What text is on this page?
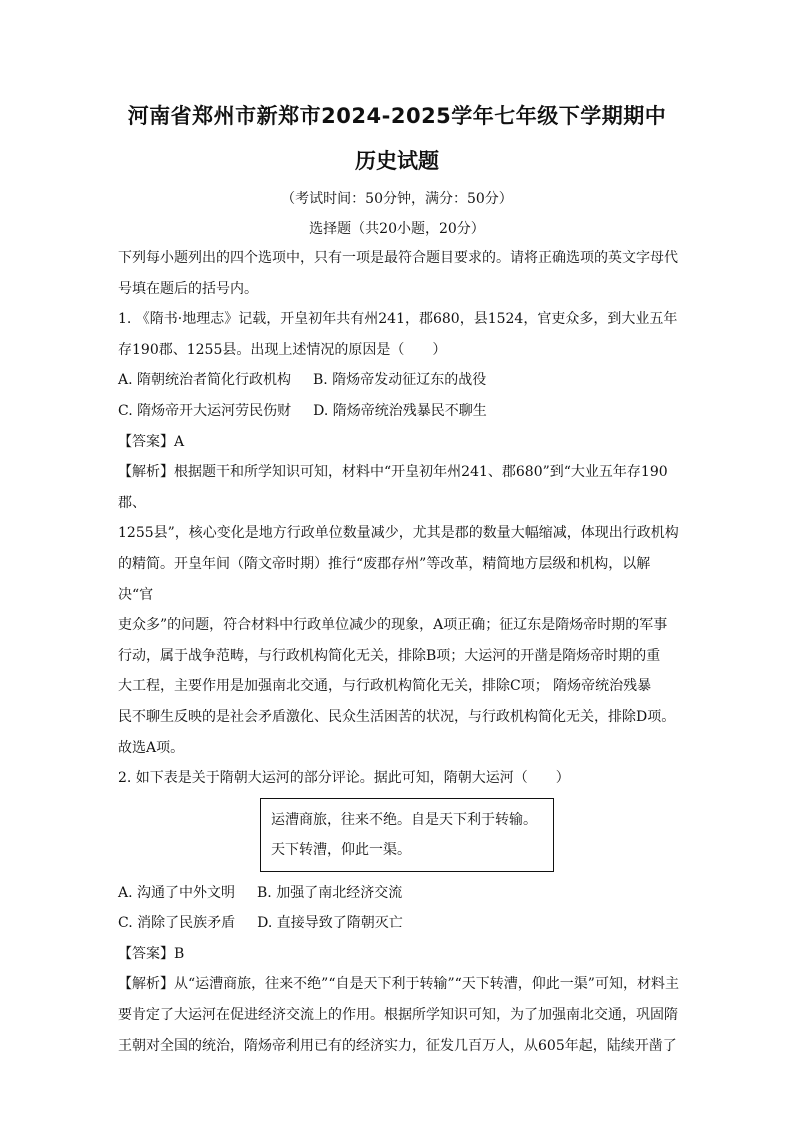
河南省郑州市新郑市2024-2025学年七年级下学期期中
历史试题
（考试时间：50分钟，满分：50分）
选择题（共20小题，20分）

下列每小题列出的四个选项中，只有一项是最符合题目要求的。请将正确选项的英文字母代

号填在题后的括号内。

1. 《隋书·地理志》记载，开皇初年共有州241，郡680，县1524，官吏众多，到大业五年

存190郡、1255县。出现上述情况的原因是（　　）

A. 隋朝统治者简化行政机构 B. 隋炀帝发动征辽东的战役
C. 隋炀帝开大运河劳民伤财 D. 隋炀帝统治残暴民不聊生

【答案】A

【解析】根据题干和所学知识可知，材料中“开皇初年州241、郡680”到“大业五年存190郡、

1255县”，核心变化是地方行政单位数量减少，尤其是郡的数量大幅缩减，体现出行政机构

的精简。开皇年间（隋文帝时期）推行“废郡存州”等改革，精简地方层级和机构，以解决“官

吏众多”的问题，符合材料中行政单位减少的现象，A项正确；征辽东是隋炀帝时期的军事

行动，属于战争范畴，与行政机构简化无关，排除B项；大运河的开凿是隋炀帝时期的重

大工程，主要作用是加强南北交通，与行政机构简化无关，排除C项； 隋炀帝统治残暴

民不聊生反映的是社会矛盾激化、民众生活困苦的状况，与行政机构简化无关，排除D项。

故选A项。

2. 如下表是关于隋朝大运河的部分评论。据此可知，隋朝大运河（　　）

运漕商旅，往来不绝。自是天下利于转输。
天下转漕，仰此一渠。
A. 沟通了中外文明 B. 加强了南北经济交流
C. 消除了民族矛盾 D. 直接导致了隋朝灭亡

【答案】B

【解析】从“运漕商旅，往来不绝”“自是天下利于转输”“天下转漕，仰此一渠”可知，材料主

要肯定了大运河在促进经济交流上的作用。根据所学知识可知，为了加强南北交通，巩固隋

王朝对全国的统治，隋炀帝利用已有的经济实力，征发几百万人，从605年起，陆续开凿了
